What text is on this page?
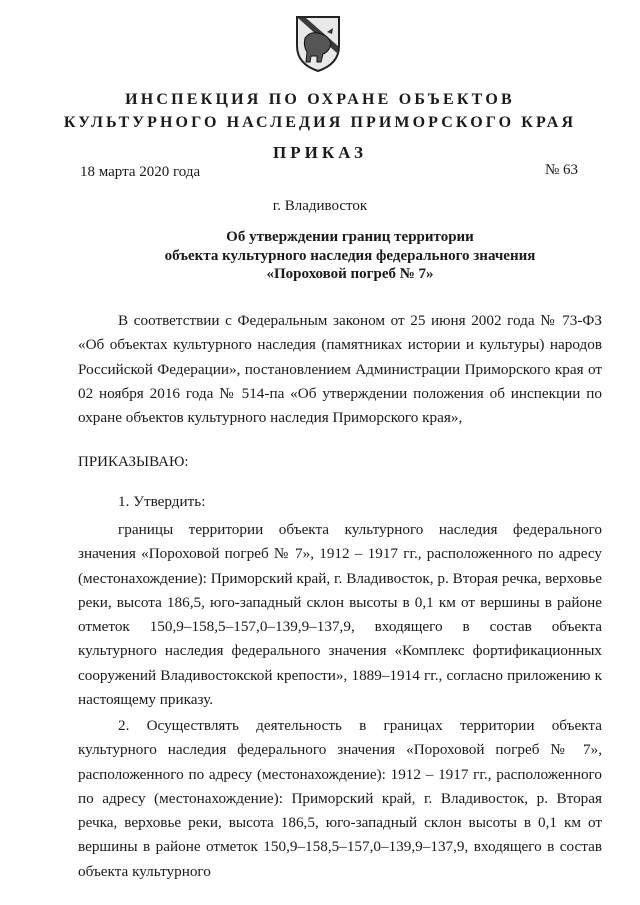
ИНСПЕКЦИЯ ПО ОХРАНЕ ОБЪЕКТОВ
КУЛЬТУРНОГО НАСЛЕДИЯ ПРИМОРСКОГО КРАЯ
ПРИКАЗ
18 марта 2020 года	№ 63
г. Владивосток
Об утверждении границ территории
объекта культурного наследия федерального значения
«Пороховой погреб № 7»

В соответствии с Федеральным законом от 25 июня 2002 года № 73-ФЗ «Об объектах культурного наследия (памятниках истории и культуры) народов Российской Федерации», постановлением Администрации Приморского края от 02 ноября 2016 года № 514-па «Об утверждении положения об инспекции по охране объектов культурного наследия Приморского края»,

ПРИКАЗЫВАЮ:
1. Утвердить:

границы территории объекта культурного наследия федерального значения «Пороховой погреб № 7», 1912 – 1917 гг., расположенного по адресу (местонахождение): Приморский край, г. Владивосток, р. Вторая речка, верховье реки, высота 186,5, юго-западный склон высоты в 0,1 км от вершины в районе отметок 150,9–158,5–157,0–139,9–137,9, входящего в состав объекта культурного наследия федерального значения «Комплекс фортификационных сооружений Владивостокской крепости», 1889–1914 гг., согласно приложению к настоящему приказу.

2. Осуществлять деятельность в границах территории объекта культурного наследия федерального значения «Пороховой погреб № 7», расположенного по адресу (местонахождение): 1912 – 1917 гг., расположенного по адресу (местонахождение): Приморский край, г. Владивосток, р. Вторая речка, верховье реки, высота 186,5, юго-западный склон высоты в 0,1 км от вершины в районе отметок 150,9–158,5–157,0–139,9–137,9, входящего в состав объекта культурного
